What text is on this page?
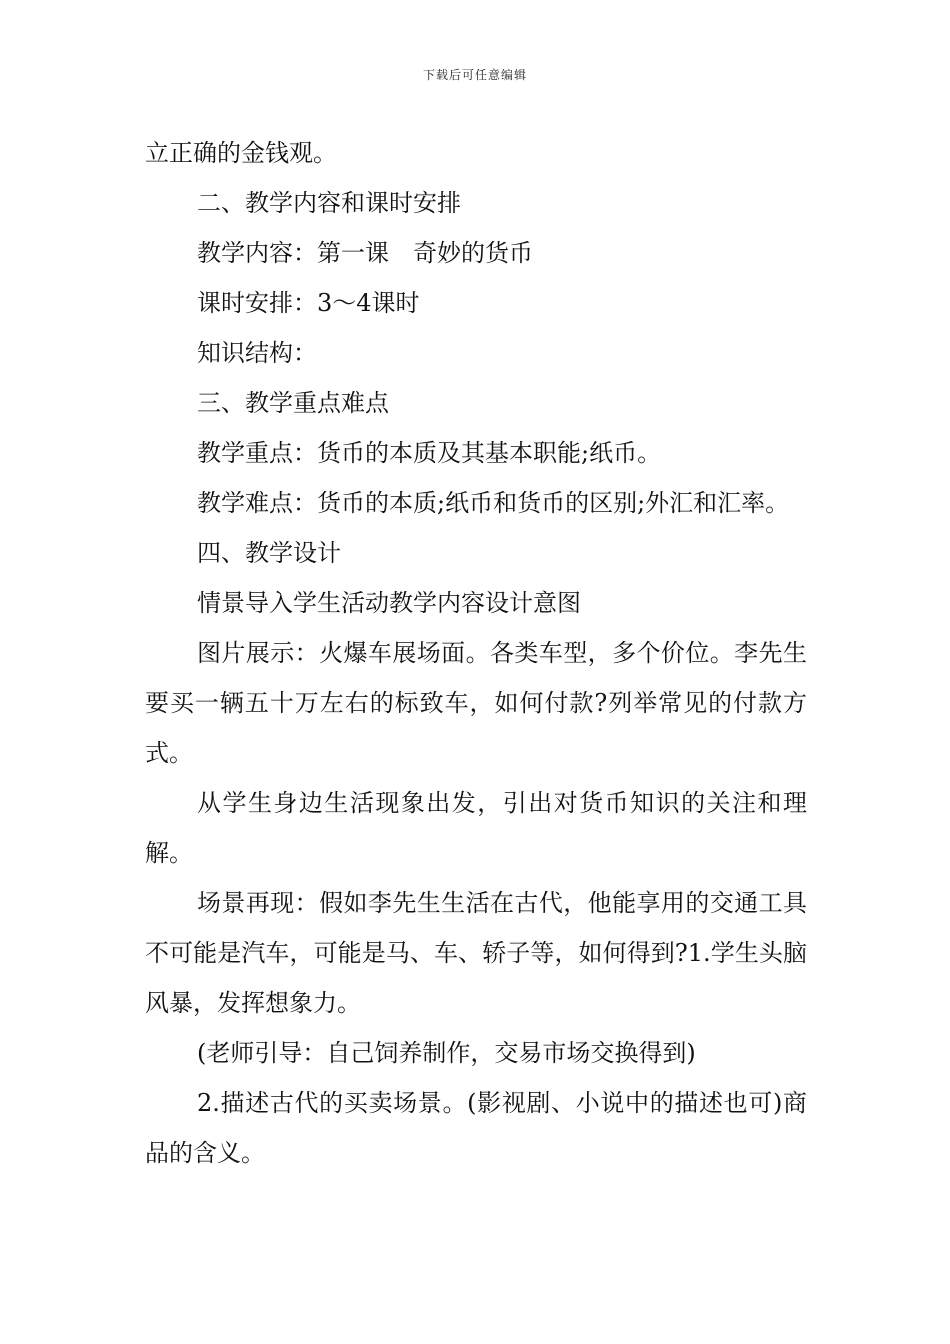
下载后可任意编辑

立正确的金钱观。

二、教学内容和课时安排

教学内容：第一课　奇妙的货币

课时安排：3～4课时

知识结构：

三、教学重点难点

教学重点：货币的本质及其基本职能;纸币。

教学难点：货币的本质;纸币和货币的区别;外汇和汇率。

四、教学设计

情景导入学生活动教学内容设计意图

图片展示：火爆车展场面。各类车型，多个价位。李先生要买一辆五十万左右的标致车，如何付款?列举常见的付款方式。

从学生身边生活现象出发，引出对货币知识的关注和理解。

场景再现：假如李先生生活在古代，他能享用的交通工具不可能是汽车，可能是马、车、轿子等，如何得到?1.学生头脑风暴，发挥想象力。

(老师引导：自己饲养制作，交易市场交换得到)

2.描述古代的买卖场景。(影视剧、小说中的描述也可)商品的含义。
